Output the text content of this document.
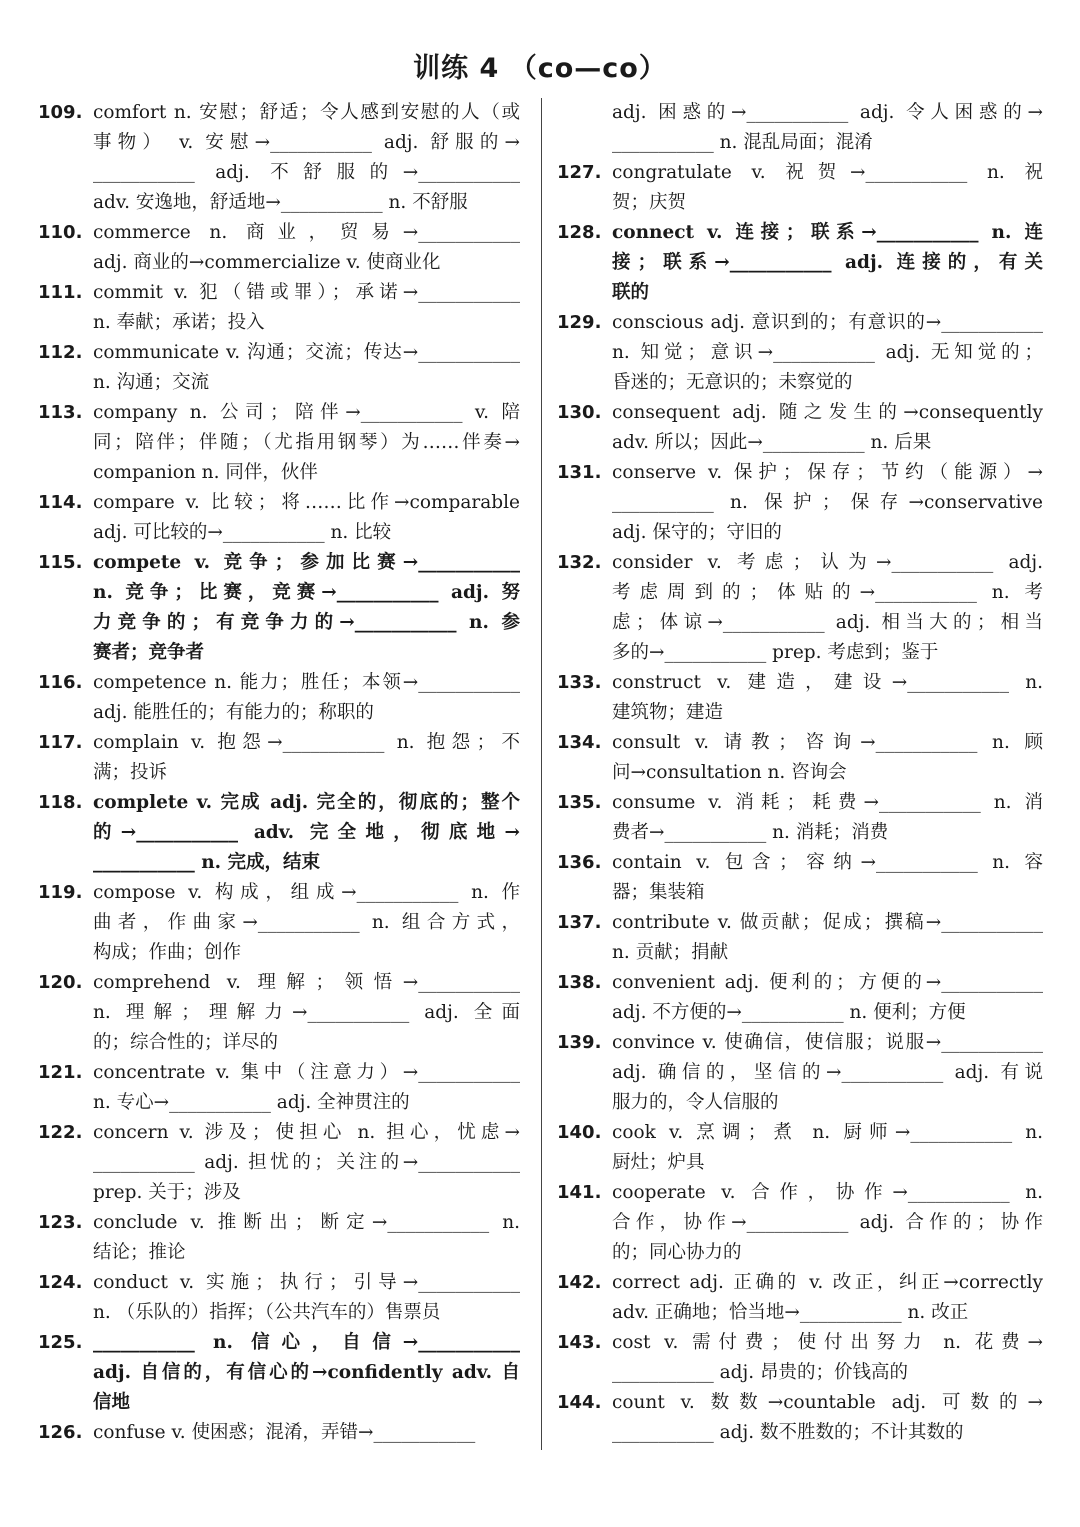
训练 4 （co—co）
109. comfort n. 安慰；舒适；令人感到安慰的人（或
事物） v. 安慰→___________ adj. 舒服的→
___________ adj. 不舒服的→___________
adv. 安逸地，舒适地→___________ n. 不舒服
110. commerce n. 商业，贸易→___________
adj. 商业的→commercialize v. 使商业化
111. commit v. 犯（错或罪）；承诺→___________
n. 奉献；承诺；投入
112. communicate v. 沟通；交流；传达→___________
n. 沟通；交流
113. company n. 公司；陪伴→___________ v. 陪
同；陪伴；伴随；（尤指用钢琴）为……伴奏→
companion n. 同伴，伙伴
114. compare v. 比较；将……比作→comparable
adj. 可比较的→___________ n. 比较
115. compete v. 竞争；参加比赛→___________
n. 竞争；比赛，竞赛→___________ adj. 努
力竞争的；有竞争力的→___________ n. 参
赛者；竞争者
116. competence n. 能力；胜任；本领→___________
adj. 能胜任的；有能力的；称职的
117. complain v. 抱怨→___________ n. 抱怨；不
满；投诉
118. complete v. 完成 adj. 完全的，彻底的；整个
的→___________ adv. 完全地，彻底地→
___________ n. 完成，结束
119. compose v. 构成，组成→___________ n. 作
曲者，作曲家→___________ n. 组合方式，
构成；作曲；创作
120. comprehend v. 理解；领悟→___________
n. 理解；理解力→___________ adj. 全面
的；综合性的；详尽的
121. concentrate v. 集中（注意力）→___________
n. 专心→___________ adj. 全神贯注的
122. concern v. 涉及；使担心 n. 担心，忧虑→
___________ adj. 担忧的；关注的→___________
prep. 关于；涉及
123. conclude v. 推断出；断定→___________ n.
结论；推论
124. conduct v. 实施；执行；引导→___________
n. （乐队的）指挥；（公共汽车的）售票员
125. ___________ n. 信心，自信→___________
adj. 自信的，有信心的→confidently adv. 自
信地
126. confuse v. 使困惑；混淆，弄错→___________
adj. 困惑的→___________ adj. 令人困惑的→
___________ n. 混乱局面；混淆
127. congratulate v. 祝贺→___________ n. 祝
贺；庆贺
128. connect v. 连接；联系→___________ n. 连
接；联系→___________ adj. 连接的，有关
联的
129. conscious adj. 意识到的；有意识的→___________
n. 知觉；意识→___________ adj. 无知觉的；
昏迷的；无意识的；未察觉的
130. consequent adj. 随之发生的→consequently
adv. 所以；因此→___________ n. 后果
131. conserve v. 保护；保存；节约（能源）→
___________ n. 保护；保存→conservative
adj. 保守的；守旧的
132. consider v. 考虑；认为→___________ adj.
考虑周到的；体贴的→___________ n. 考
虑；体谅→___________ adj. 相当大的；相当
多的→___________ prep. 考虑到；鉴于
133. construct v. 建造，建设→___________ n.
建筑物；建造
134. consult v. 请教；咨询→___________ n. 顾
问→consultation n. 咨询会
135. consume v. 消耗；耗费→___________ n. 消
费者→___________ n. 消耗；消费
136. contain v. 包含；容纳→___________ n. 容
器；集装箱
137. contribute v. 做贡献；促成；撰稿→___________
n. 贡献；捐献
138. convenient adj. 便利的；方便的→___________
adj. 不方便的→___________ n. 便利；方便
139. convince v. 使确信，使信服；说服→___________
adj. 确信的，坚信的→___________ adj. 有说
服力的，令人信服的
140. cook v. 烹调；煮 n. 厨师→___________ n.
厨灶；炉具
141. cooperate v. 合作，协作→___________ n.
合作，协作→___________ adj. 合作的；协作
的；同心协力的
142. correct adj. 正确的 v. 改正，纠正→correctly
adv. 正确地；恰当地→___________ n. 改正
143. cost v. 需付费；使付出努力 n. 花费→
___________ adj. 昂贵的；价钱高的
144. count v. 数数→countable adj. 可数的→
___________ adj. 数不胜数的；不计其数的
